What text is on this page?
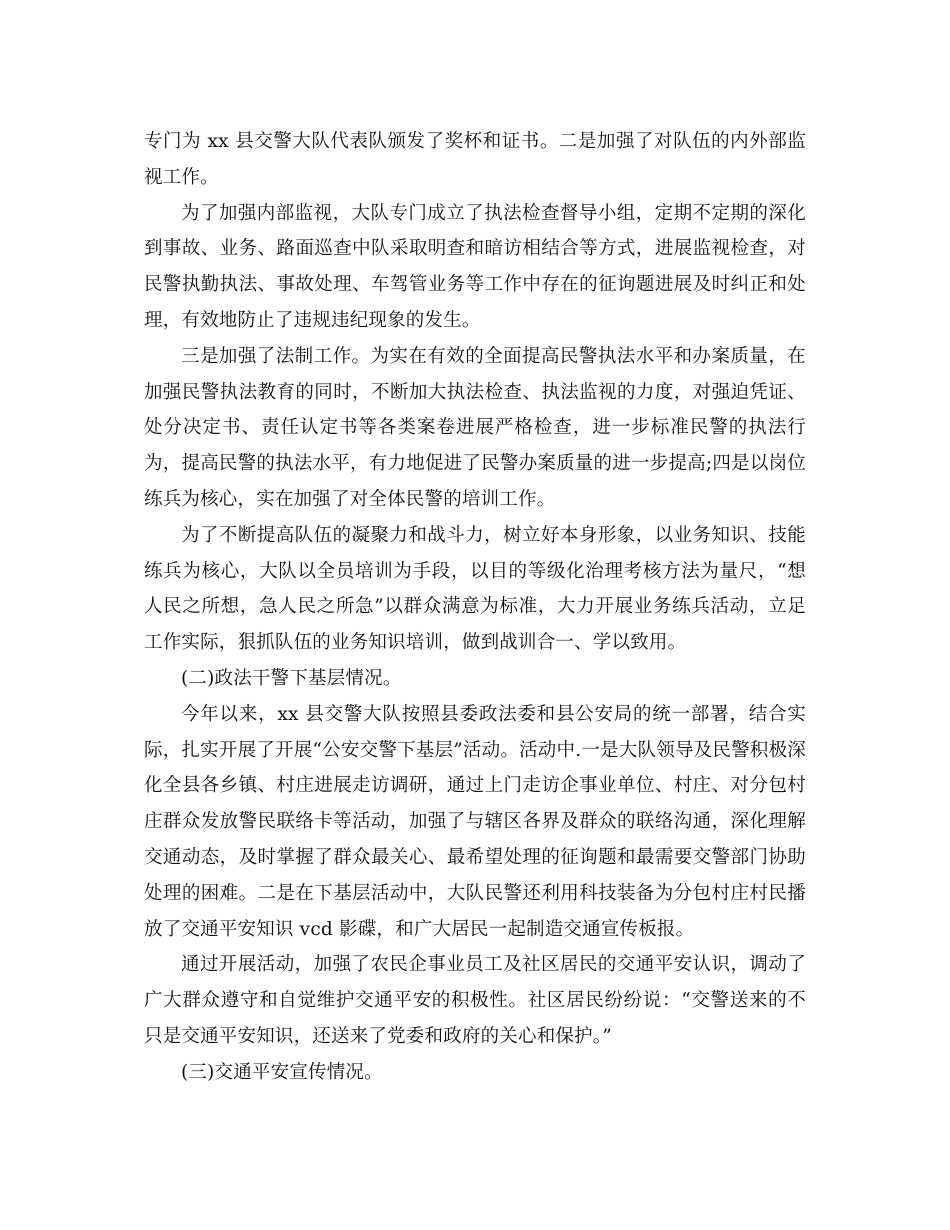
专门为 xx 县交警大队代表队颁发了奖杯和证书。二是加强了对队伍的内外部监视工作。

为了加强内部监视，大队专门成立了执法检查督导小组，定期不定期的深化到事故、业务、路面巡查中队采取明查和暗访相结合等方式，进展监视检查，对民警执勤执法、事故处理、车驾管业务等工作中存在的征询题进展及时纠正和处理，有效地防止了违规违纪现象的发生。

三是加强了法制工作。为实在有效的全面提高民警执法水平和办案质量，在加强民警执法教育的同时，不断加大执法检查、执法监视的力度，对强迫凭证、处分决定书、责任认定书等各类案卷进展严格检查，进一步标准民警的执法行为，提高民警的执法水平，有力地促进了民警办案质量的进一步提高;四是以岗位练兵为核心，实在加强了对全体民警的培训工作。

为了不断提高队伍的凝聚力和战斗力，树立好本身形象，以业务知识、技能练兵为核心，大队以全员培训为手段，以目的等级化治理考核方法为量尺，“想人民之所想，急人民之所急”以群众满意为标准，大力开展业务练兵活动，立足工作实际，狠抓队伍的业务知识培训，做到战训合一、学以致用。

(二)政法干警下基层情况。

今年以来，xx 县交警大队按照县委政法委和县公安局的统一部署，结合实际，扎实开展了开展“公安交警下基层”活动。活动中.一是大队领导及民警积极深化全县各乡镇、村庄进展走访调研，通过上门走访企事业单位、村庄、对分包村庄群众发放警民联络卡等活动，加强了与辖区各界及群众的联络沟通，深化理解交通动态，及时掌握了群众最关心、最希望处理的征询题和最需要交警部门协助处理的困难。二是在下基层活动中，大队民警还利用科技装备为分包村庄村民播放了交通平安知识 vcd 影碟，和广大居民一起制造交通宣传板报。

通过开展活动，加强了农民企事业员工及社区居民的交通平安认识，调动了广大群众遵守和自觉维护交通平安的积极性。社区居民纷纷说：“交警送来的不只是交通平安知识，还送来了党委和政府的关心和保护。”

(三)交通平安宣传情况。
